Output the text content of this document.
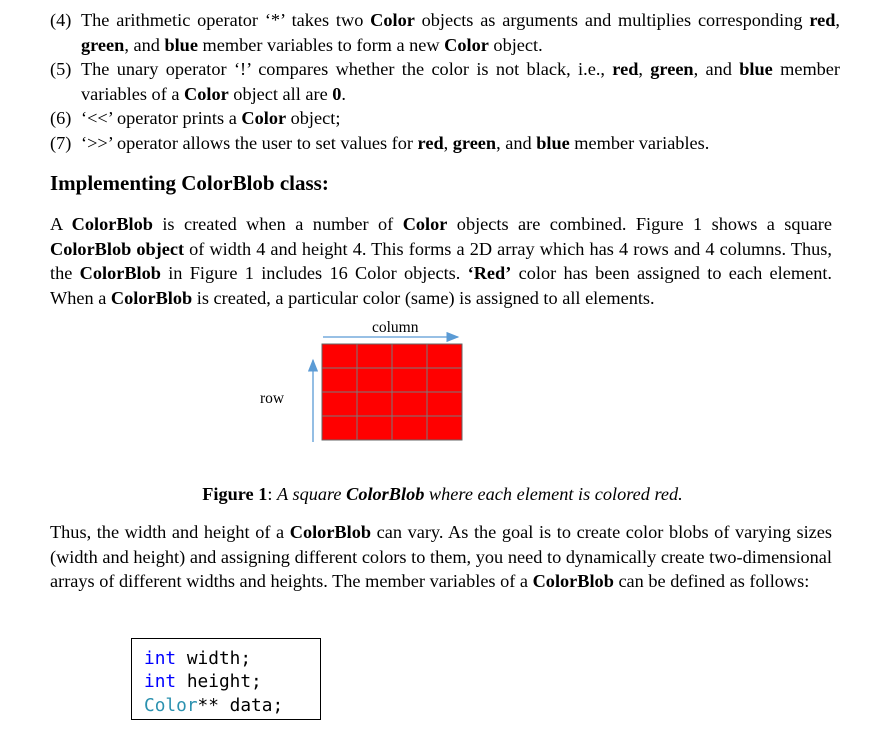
(4) The arithmetic operator ‘*’ takes two Color objects as arguments and multiplies corresponding red, green, and blue member variables to form a new Color object.
(5) The unary operator ‘!’ compares whether the color is not black, i.e., red, green, and blue member variables of a Color object all are 0.
(6) ‘<<’ operator prints a Color object;
(7) ‘>>’ operator allows the user to set values for red, green, and blue member variables.
Implementing ColorBlob class:
A ColorBlob is created when a number of Color objects are combined. Figure 1 shows a square ColorBlob object of width 4 and height 4. This forms a 2D array which has 4 rows and 4 columns. Thus, the ColorBlob in Figure 1 includes 16 Color objects. ‘Red’ color has been assigned to each element. When a ColorBlob is created, a particular color (same) is assigned to all elements.
column
row
Figure 1: A square ColorBlob where each element is colored red.
Thus, the width and height of a ColorBlob can vary. As the goal is to create color blobs of varying sizes (width and height) and assigning different colors to them, you need to dynamically create two-dimensional arrays of different widths and heights. The member variables of a ColorBlob can be defined as follows:
int width;
int height;
Color** data;
